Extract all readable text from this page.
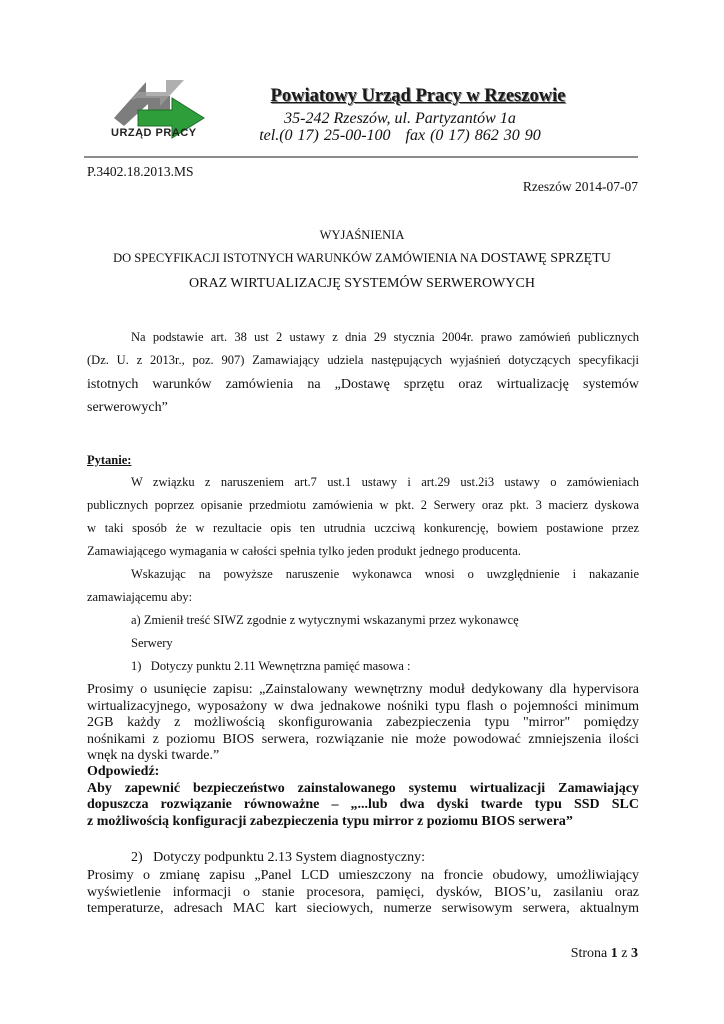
URZĄD PRACY
Powiatowy Urząd Pracy w Rzeszowie
35-242 Rzeszów, ul. Partyzantów 1a
tel.(0 17) 25-00-100   fax (0 17) 862 30 90
P.3402.18.2013.MS
Rzeszów 2014-07-07
WYJAŚNIENIA
DO SPECYFIKACJI ISTOTNYCH WARUNKÓW ZAMÓWIENIA NA DOSTAWĘ SPRZĘTU
ORAZ WIRTUALIZACJĘ SYSTEMÓW SERWEROWYCH
Na podstawie art. 38 ust 2 ustawy z dnia 29 stycznia 2004r. prawo zamówień publicznych
(Dz. U. z 2013r., poz. 907) Zamawiający udziela następujących wyjaśnień dotyczących specyfikacji
istotnych warunków zamówienia na „Dostawę sprzętu oraz wirtualizację systemów
serwerowych”
Pytanie:
W związku z naruszeniem art.7 ust.1 ustawy i art.29 ust.2i3 ustawy o zamówieniach
publicznych poprzez opisanie przedmiotu zamówienia w pkt. 2 Serwery oraz pkt. 3 macierz dyskowa
w taki sposób że w rezultacie opis ten utrudnia uczciwą konkurencję, bowiem postawione przez
Zamawiającego wymagania w całości spełnia tylko jeden produkt jednego producenta.
Wskazując na powyższe naruszenie wykonawca wnosi o uwzględnienie i nakazanie
zamawiającemu aby:
a) Zmienił treść SIWZ zgodnie z wytycznymi wskazanymi przez wykonawcę
Serwery
1)   Dotyczy punktu 2.11 Wewnętrzna pamięć masowa :
Prosimy o usunięcie zapisu: „Zainstalowany wewnętrzny moduł dedykowany dla hypervisora
wirtualizacyjnego, wyposażony w dwa jednakowe nośniki typu flash o pojemności minimum
2GB każdy z możliwością skonfigurowania zabezpieczenia typu "mirror" pomiędzy
nośnikami z poziomu BIOS serwera, rozwiązanie nie może powodować zmniejszenia ilości
wnęk na dyski twarde.”
Odpowiedź:
Aby zapewnić bezpieczeństwo zainstalowanego systemu wirtualizacji Zamawiający
dopuszcza rozwiązanie równoważne – „...lub dwa dyski twarde typu SSD SLC
z możliwością konfiguracji zabezpieczenia typu mirror z poziomu BIOS serwera”
2)   Dotyczy podpunktu 2.13 System diagnostyczny:
Prosimy o zmianę zapisu „Panel LCD umieszczony na froncie obudowy, umożliwiający
wyświetlenie informacji o stanie procesora, pamięci, dysków, BIOS’u, zasilaniu oraz
temperaturze, adresach MAC kart sieciowych, numerze serwisowym serwera, aktualnym
Strona 1 z 3
